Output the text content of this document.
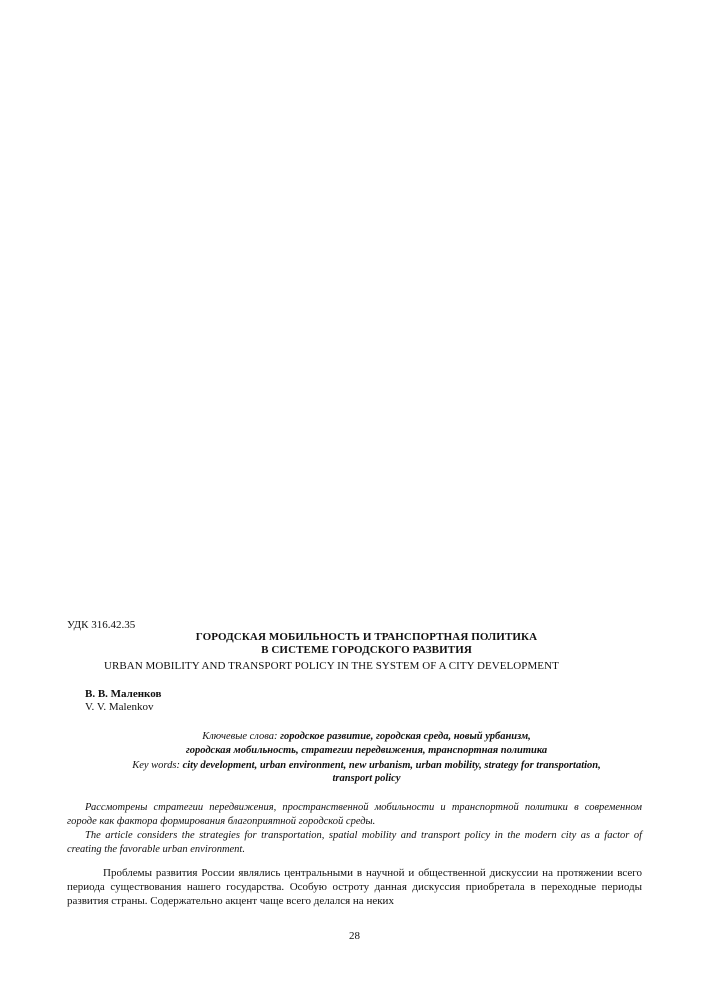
УДК 316.42.35
ГОРОДСКАЯ МОБИЛЬНОСТЬ И ТРАНСПОРТНАЯ ПОЛИТИКА
В СИСТЕМЕ ГОРОДСКОГО РАЗВИТИЯ
URBAN MOBILITY AND TRANSPORT POLICY IN THE SYSTEM OF A CITY DEVELOPMENT
В. В. Маленков
V. V. Malenkov
Ключевые слова: городское развитие, городская среда, новый урбанизм,
городская мобильность, стратегии передвижения, транспортная политика
Key words: city development, urban environment, new urbanism, urban mobility, strategy for transportation,
transport policy
Рассмотрены стратегии передвижения, пространственной мобильности и транспортной политики в современном городе как фактора формирования благоприятной городской среды.
The article considers the strategies for transportation, spatial mobility and transport policy in the modern city as a factor of creating the favorable urban environment.
Проблемы развития России являлись центральными в научной и общественной дискуссии на протяжении всего периода существования нашего государства. Особую остроту данная дискуссия приобретала в переходные периоды развития страны. Содержательно акцент чаще всего делался на неких
28
